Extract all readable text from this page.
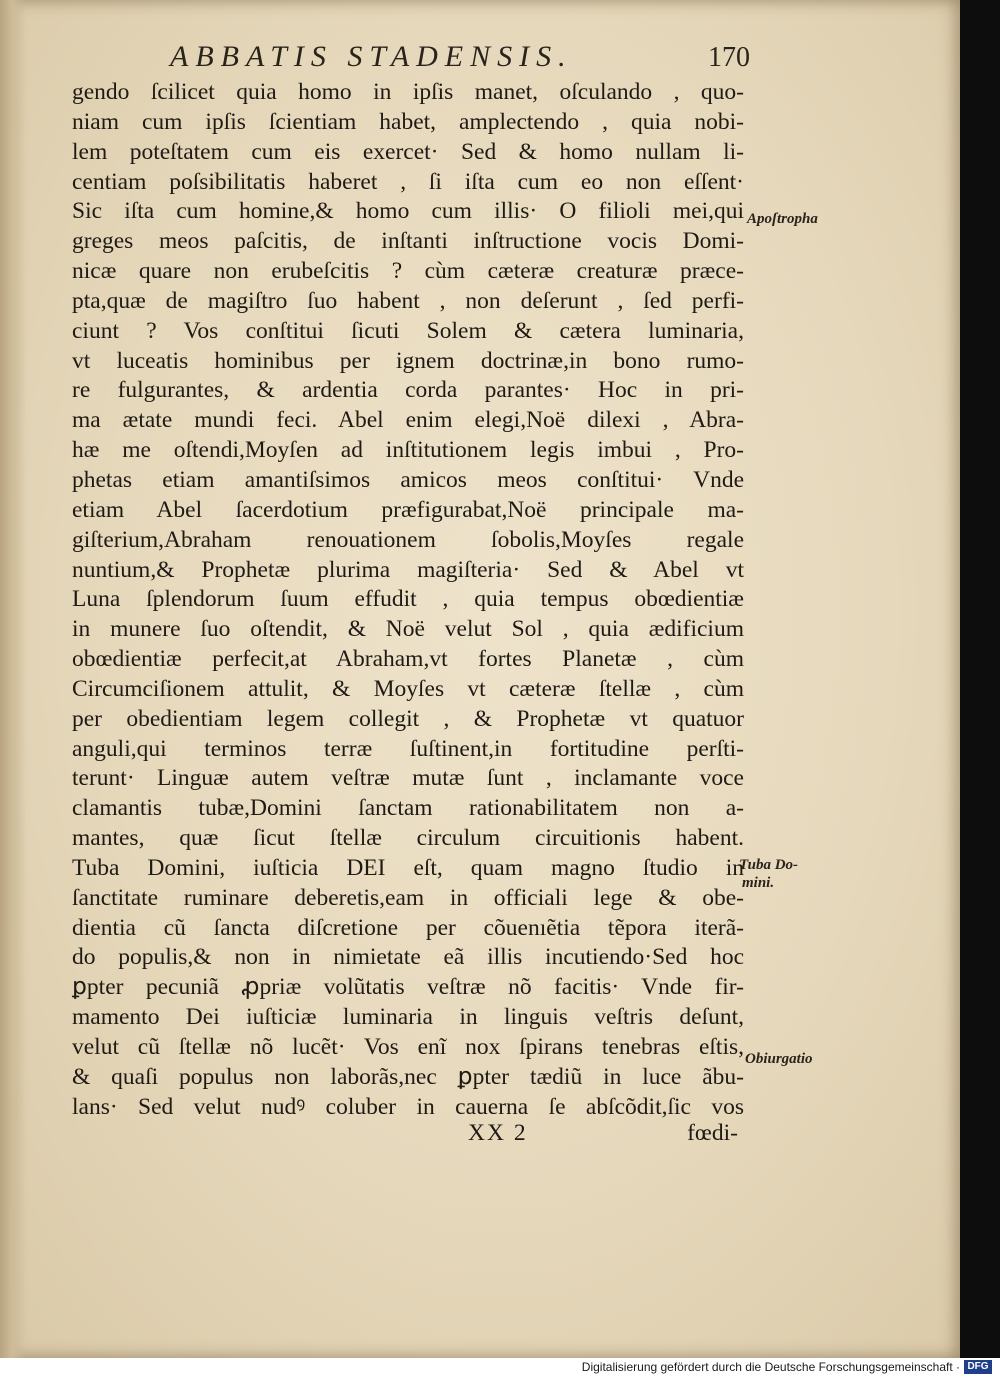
ABBATIS STADENSIS.	170
gendo ſcilicet quia homo in ipſis manet, oſculando , quo-
niam cum ipſis ſcientiam habet, amplectendo , quia nobi-
lem poteſtatem cum eis exercet· Sed & homo nullam li-
centiam poſsibilitatis haberet , ſi iſta cum eo non eſſent·
Sic iſta cum homine,& homo cum illis· O filioli mei,qui
greges meos paſcitis, de inſtanti inſtructione vocis Domi-
nicæ quare non erubeſcitis ? cùm cæteræ creaturæ præce-
pta,quæ de magiſtro ſuo habent , non deſerunt , ſed perfi-
ciunt ? Vos conſtitui ſicuti Solem & cætera luminaria,
vt luceatis hominibus per ignem doctrinæ,in bono rumo-
re fulgurantes, & ardentia corda parantes· Hoc in pri-
ma ætate mundi feci. Abel enim elegi,Noë dilexi , Abra-
hæ me oſtendi,Moyſen ad inſtitutionem legis imbui , Pro-
phetas etiam amantiſsimos amicos meos conſtitui· Vnde
etiam Abel ſacerdotium præfigurabat,Noë principale ma-
giſterium,Abraham renouationem ſobolis,Moyſes regale
nuntium,& Prophetæ plurima magiſteria· Sed & Abel vt
Luna ſplendorum ſuum effudit , quia tempus obœdientiæ
in munere ſuo oſtendit, & Noë velut Sol , quia ædificium
obœdientiæ perfecit,at Abraham,vt fortes Planetæ , cùm
Circumciſionem attulit, & Moyſes vt cæteræ ſtellæ , cùm
per obedientiam legem collegit , & Prophetæ vt quatuor
anguli,qui terminos terræ ſuſtinent,in fortitudine perſti-
terunt· Linguæ autem veſtræ mutæ ſunt , inclamante voce
clamantis tubæ,Domini ſanctam rationabilitatem non a-
mantes, quæ ſicut ſtellæ circulum circuitionis habent.
Tuba Domini, iuſticia DEI eſt, quam magno ſtudio in
ſanctitate ruminare deberetis,eam in officiali lege & obe-
dientia cũ ſancta diſcretione per cõuenıẽtia tẽpora iterã-
do populis,& non in nimietate eã illis incutiendo·Sed hoc
ꝑpter pecuniã ꝓpriæ volũtatis veſtræ nõ facitis· Vnde fir-
mamento Dei iuſticiæ luminaria in linguis veſtris deſunt,
velut cũ ſtellæ nõ lucẽt· Vos enĩ nox ſpirans tenebras eſtis,
& quaſi populus non laborãs,nec ꝑpter tædiũ in luce ãbu-
lans· Sed velut nudꝰ coluber in cauerna ſe abſcõdit,ſic vos
Apoſtropha
Tuba Do-
mini.
Obiurgatio
XX 2	fœdi-
Digitalisierung gefördert durch die Deutsche Forschungsgemeinschaft · DFG
